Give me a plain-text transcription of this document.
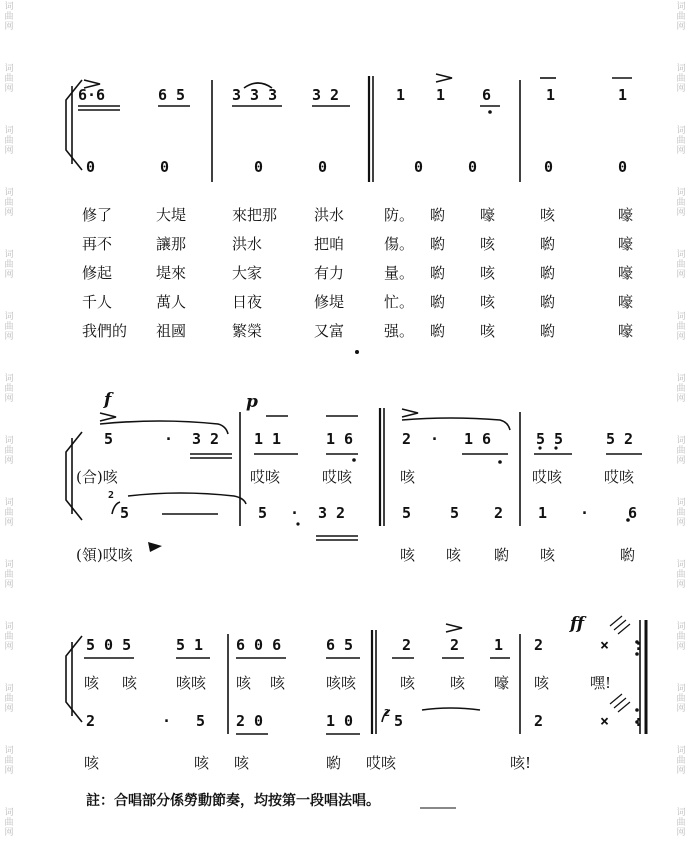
词
曲
网
词
曲
网
词
曲
网
词
曲
网
词
曲
网
词
曲
网
词
曲
网
词
曲
网
词
曲
网
词
曲
网
词
曲
网
词
曲
网
词
曲
网
词
曲
网
词
曲
网
词
曲
网
词
曲
网
词
曲
网
词
曲
网
词
曲
网
词
曲
网
词
曲
网
词
曲
网
词
曲
网
词
曲
网
词
曲
网
词
曲
网
词
曲
网
6·6	6 5	3 3 3 3 2	1 1 6	1	1
0	0	0	0	0	0	0	0
修了	大堤	來把那 洪水	防。 喲 嚎	咳	嚎
再不	讓那	洪水	把咱	傷。 喲 咳	喲	嚎
修起	堤來	大家	有力	量。 喲 咳	喲	嚎
千人	萬人	日夜	修堤	忙。 喲 咳	喲	嚎
我們的 祖國	繁榮	又富	强。 喲 咳	喲	嚎
f	p
5	· 3 2 1 1	1 6	2 · 1 6	5 5	5 2
(合)咳	哎咳	哎咳	咳	哎咳	哎咳
2
5 · 3 2	5	5 2 1 ·	6
5
(領)哎咳	咳 咳 喲 咳	喲
ff
5 0 5	5 1 6 0 6	6 5	2	2 1 2	× :
咳 咳	咳咳 咳 咳	咳咳	咳 咳 嚎 咳	嘿!
2
2	· 5 2 0	1 0	5	2	× :
咳	咳 咳	喲 哎咳	咳!
註：合唱部分係勞動節奏，均按第一段唱法唱。
